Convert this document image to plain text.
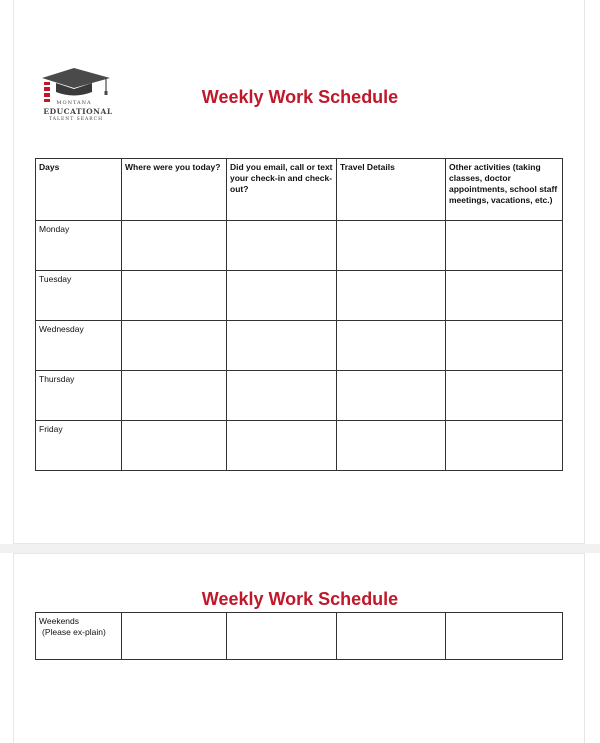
MONTANA
EDUCATIONAL
TALENT SEARCH
Weekly Work Schedule
Days	Where were you today?	Did you email, call or text your check-in and check-out?	Travel Details	Other activities (taking classes, doctor appointments, school staff meetings, vacations, etc.)
Monday				
Tuesday				
Wednesday				
Thursday				
Friday				
Weekly Work Schedule
Weekends
(Please ex-plain)
